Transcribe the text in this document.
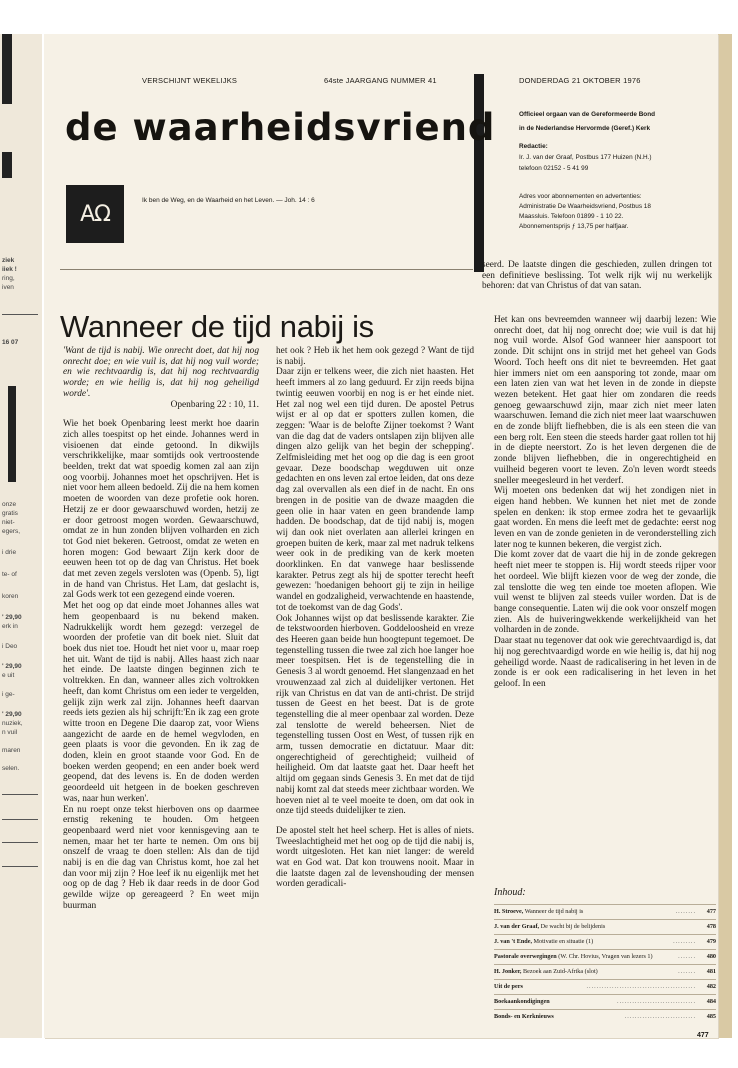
ziek
iiek !
ring,
iven
16 07
onze
gratis
niet-
egers,
i drie
te- of
koren
' 29,90
erk in
i Deo
' 29,90
e uit
i ge-
' 29,90
nuziek,
n vuil
maren
selen.
VERSCHIJNT WEKELIJKS	64ste JAARGANG NUMMER 41	DONDERDAG 21 OKTOBER 1976
de waarheidsvriend
AΩ
Ik ben de Weg, en de Waarheid en het Leven. — Joh. 14 : 6
Officieel orgaan van de Gereformeerde Bond
in de Nederlandse Hervormde (Geref.) Kerk
Redactie:
Ir. J. van der Graaf, Postbus 177 Huizen (N.H.)
telefoon 02152 - 5 41 99
Adres voor abonnementen en advertenties:
Administratie De Waarheidsvriend, Postbus 18
Maassluis. Telefoon 01899 - 1 10 22.
Abonnementsprijs ƒ 13,75 per halfjaar.

seerd. De laatste dingen die geschieden, zullen dringen tot een definitieve beslissing. Tot welk rijk wij nu werkelijk behoren: dat van Christus of dat van satan.

Wanneer de tijd nabij is

'Want de tijd is nabij. Wie onrecht doet, dat hij nog onrecht doe; en wie vuil is, dat hij nog vuil worde; en wie rechtvaardig is, dat hij nog rechtvaardig worde; en wie heilig is, dat hij nog geheiligd worde'.

Openbaring 22 : 10, 11.

Wie het boek Openbaring leest merkt hoe daarin zich alles toespitst op het einde. Johannes werd in visioenen dat einde getoond. In dikwijls verschrikkelijke, maar somtijds ook vertroostende beelden, trekt dat wat spoedig komen zal aan zijn oog voorbij. Johannes moet het opschrijven. Het is niet voor hem alleen bedoeld. Zij die na hem komen moeten de woorden van deze profetie ook horen. Hetzij ze er door gewaarschuwd worden, hetzij ze er door getroost mogen worden. Gewaarschuwd, omdat ze in hun zonden blijven volharden en zich tot God niet bekeren. Getroost, omdat ze weten en horen mogen: God bewaart Zijn kerk door de eeuwen heen tot op de dag van Christus. Het boek dat met zeven zegels versloten was (Openb. 5), ligt in de hand van Christus. Het Lam, dat geslacht is, zal Gods werk tot een gezegend einde voeren.

Met het oog op dat einde moet Johannes alles wat hem geopenbaard is nu bekend maken. Nadrukkelijk wordt hem gezegd: verzegel de woorden der profetie van dit boek niet. Sluit dat boek dus niet toe. Houdt het niet voor u, maar roep het uit. Want de tijd is nabij. Alles haast zich naar het einde. De laatste dingen beginnen zich te voltrekken. En dan, wanneer alles zich voltrokken heeft, dan komt Christus om een ieder te vergelden, gelijk zijn werk zal zijn. Johannes heeft daarvan reeds iets gezien als hij schrijft:'En ik zag een grote witte troon en Degene Die daarop zat, voor Wiens aangezicht de aarde en de hemel wegvloden, en geen plaats is voor die gevonden. En ik zag de doden, klein en groot staande voor God. En de boeken werden geopend; en een ander boek werd geopend, dat des levens is. En de doden werden geoordeeld uit hetgeen in de boeken geschreven was, naar hun werken'.

En nu roept onze tekst hierboven ons op daarmee ernstig rekening te houden. Om hetgeen geopenbaard werd niet voor kennisgeving aan te nemen, maar het ter harte te nemen. Om ons bij onszelf de vraag te doen stellen: Als dan de tijd nabij is en die dag van Christus komt, hoe zal het dan voor mij zijn ? Hoe leef ik nu eigenlijk met het oog op de dag ? Heb ik daar reeds in de door God gewilde wijze op gereageerd ? En weet mijn buurman

het ook ? Heb ik het hem ook gezegd ? Want de tijd is nabij.

Daar zijn er telkens weer, die zich niet haasten. Het heeft immers al zo lang geduurd. Er zijn reeds bijna twintig eeuwen voorbij en nog is er het einde niet. Het zal nog wel een tijd duren. De apostel Petrus wijst er al op dat er spotters zullen komen, die zeggen: 'Waar is de belofte Zijner toekomst ? Want van die dag dat de vaders ontslapen zijn blijven alle dingen alzo gelijk van het begin der schepping'. Zelfmisleiding met het oog op die dag is een groot gevaar. Deze boodschap wegduwen uit onze gedachten en ons leven zal ertoe leiden, dat ons deze dag zal overvallen als een dief in de nacht. En ons brengen in de positie van de dwaze maagden die geen olie in haar vaten en geen brandende lamp hadden. De boodschap, dat de tijd nabij is, mogen wij dan ook niet overlaten aan allerlei kringen en groepen buiten de kerk, maar zal met nadruk telkens weer ook in de prediking van de kerk moeten doorklinken. En dat vanwege haar beslissende karakter. Petrus zegt als hij de spotter terecht heeft gewezen: 'hoedanigen behoort gij te zijn in heilige wandel en godzaligheid, verwachtende en haastende, tot de toekomst van de dag Gods'.

Ook Johannes wijst op dat beslissende karakter. Zie de tekstwoorden hierboven. Goddeloosheid en vreze des Heeren gaan beide hun hoogtepunt tegemoet. De tegenstelling tussen die twee zal zich hoe langer hoe meer toespitsen. Het is de tegenstelling die in Genesis 3 al wordt genoemd. Het slangenzaad en het vrouwenzaad zal zich al duidelijker vertonen. Het rijk van Christus en dat van de anti-christ. De strijd tussen de Geest en het beest. Dat is de grote tegenstelling die al meer openbaar zal worden. Deze zal tenslotte de wereld beheersen. Niet de tegenstelling tussen Oost en West, of tussen rijk en arm, tussen democratie en dictatuur. Maar dit: ongerechtigheid of gerechtigheid; vuilheid of heiligheid. Om dat laatste gaat het. Daar heeft het altijd om gegaan sinds Genesis 3. En met dat de tijd nabij komt zal dat steeds meer zichtbaar worden. We hoeven niet al te veel moeite te doen, om dat ook in onze tijd steeds duidelijker te zien.

De apostel stelt het heel scherp. Het is alles of niets. Tweeslachtigheid met het oog op de tijd die nabij is, wordt uitgesloten. Het kan niet langer: de wereld wat en God wat. Dat kon trouwens nooit. Maar in die laatste dagen zal de levenshouding der mensen worden geradicali-

Het kan ons bevreemden wanneer wij daarbij lezen: Wie onrecht doet, dat hij nog onrecht doe; wie vuil is dat hij nog vuil worde. Alsof God wanneer hier aanspoort tot zonde. Dit schijnt ons in strijd met het geheel van Gods Woord. Toch heeft ons dit niet te bevreemden. Het gaat hier immers niet om een aansporing tot zonde, maar om een laten zien van wat het leven in de zonde in diepste wezen betekent. Het gaat hier om zondaren die reeds genoeg gewaarschuwd zijn, maar zich niet meer laten waarschuwen. Iemand die zich niet meer laat waarschuwen en de zonde blijft liefhebben, die is als een steen die van een berg rolt. Een steen die steeds harder gaat rollen tot hij in de diepte neerstort. Zo is het leven dergenen die de zonde blijven liefhebben, die in ongerechtigheid en vuilheid begeren voort te leven. Zo'n leven wordt steeds sneller meegesleurd in het verderf.

Wij moeten ons bedenken dat wij het zondigen niet in eigen hand hebben. We kunnen het niet met de zonde spelen en denken: ik stop ermee zodra het te gevaarlijk gaat worden. En mens die leeft met de gedachte: eerst nog leven en van de zonde genieten in de veronderstelling zich later nog te kunnen bekeren, die vergist zich.

Die komt zover dat de vaart die hij in de zonde gekregen heeft niet meer te stoppen is. Hij wordt steeds rijper voor het oordeel. Wie blijft kiezen voor de weg der zonde, die zal tenslotte die weg ten einde toe moeten aflopen. Wie vuil wenst te blijven zal steeds vuiler worden. Dat is de bange consequentie. Laten wij die ook voor onszelf mogen zien. Als de huiveringwekkende werkelijkheid van het volharden in de zonde.

Daar staat nu tegenover dat ook wie gerechtvaardigd is, dat hij nog gerechtvaardigd worde en wie heilig is, dat hij nog geheiligd worde. Naast de radicalisering in het leven in de zonde is er ook een radicalisering in het leven in het geloof. In een

Inhoud:
H. Stroeve, Wanneer de tijd nabij is	........	477
J. van der Graaf, De wacht bij de belijdenis	478
J. van 't Ende, Motivatie en situatie (1)	.........	479
Pastorale overwegingen (W. Chr. Hovius, Vragen van lezers 1)	.......	480
H. Jonker, Bezoek aan Zuid-Afrika (slot)	.......	481
Uit de pers	...........................................	482
Boekaankondigingen	...............................	484
Bonds- en Kerknieuws	............................	485
477
